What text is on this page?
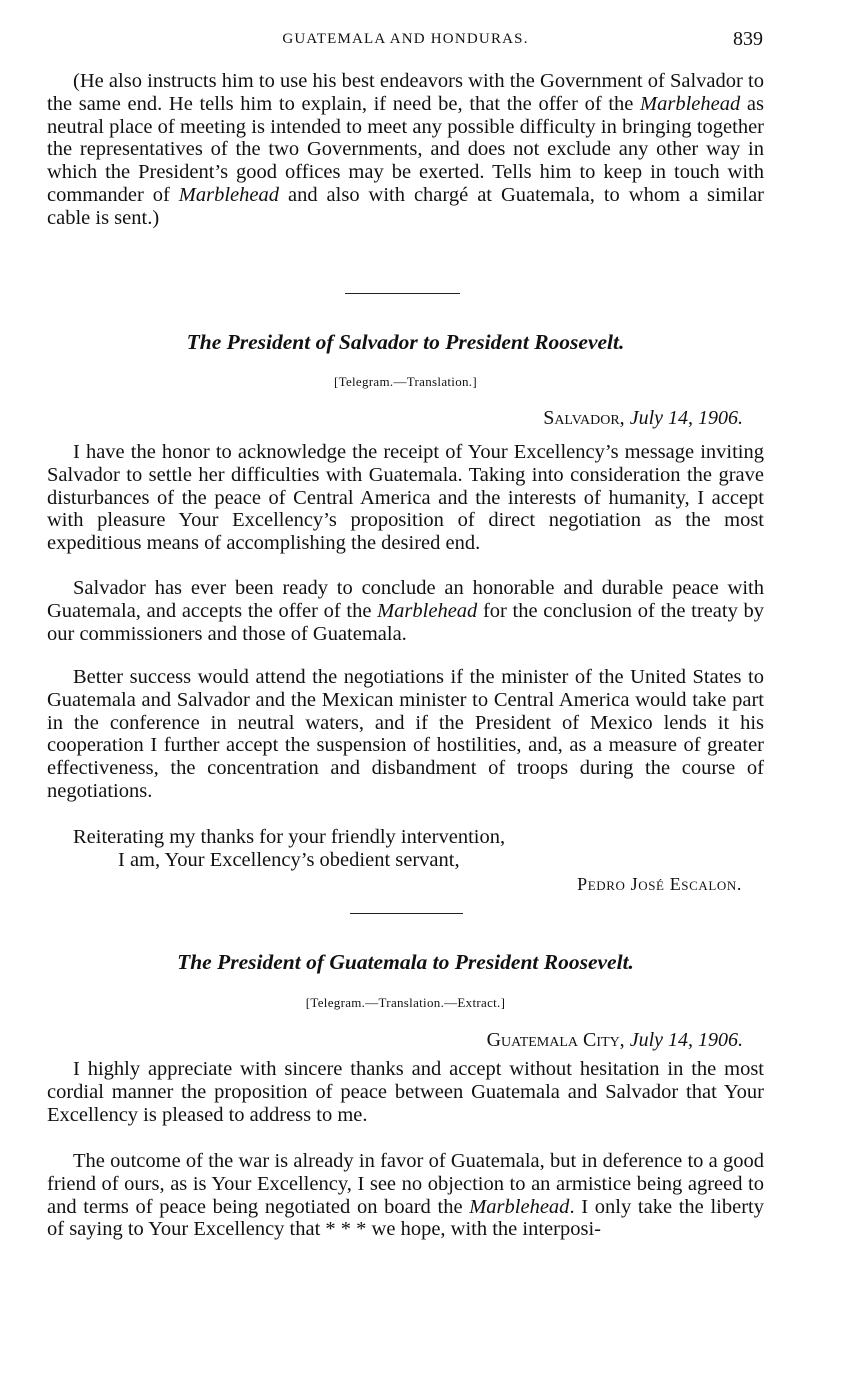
GUATEMALA AND HONDURAS.	839

(He also instructs him to use his best endeavors with the Government of Salvador to the same end. He tells him to explain, if need be, that the offer of the Marblehead as neutral place of meeting is intended to meet any possible difficulty in bringing together the representatives of the two Governments, and does not exclude any other way in which the President’s good offices may be exerted. Tells him to keep in touch with commander of Marblehead and also with chargé at Guatemala, to whom a similar cable is sent.)

The President of Salvador to President Roosevelt.
[Telegram.—Translation.]
Salvador, July 14, 1906.

I have the honor to acknowledge the receipt of Your Excellency’s message inviting Salvador to settle her difficulties with Guatemala. Taking into consideration the grave disturbances of the peace of Central America and the interests of humanity, I accept with pleasure Your Excellency’s proposition of direct negotiation as the most expeditious means of accomplishing the desired end.

Salvador has ever been ready to conclude an honorable and durable peace with Guatemala, and accepts the offer of the Marblehead for the conclusion of the treaty by our commissioners and those of Guatemala.

Better success would attend the negotiations if the minister of the United States to Guatemala and Salvador and the Mexican minister to Central America would take part in the conference in neutral waters, and if the President of Mexico lends it his cooperation I further accept the suspension of hostilities, and, as a measure of greater effectiveness, the concentration and disbandment of troops during the course of negotiations.

Reiterating my thanks for your friendly intervention,

I am, Your Excellency’s obedient servant,
Pedro José Escalon.
The President of Guatemala to President Roosevelt.
[Telegram.—Translation.—Extract.]
Guatemala City, July 14, 1906.

I highly appreciate with sincere thanks and accept without hesitation in the most cordial manner the proposition of peace between Guatemala and Salvador that Your Excellency is pleased to address to me.

The outcome of the war is already in favor of Guatemala, but in deference to a good friend of ours, as is Your Excellency, I see no objection to an armistice being agreed to and terms of peace being negotiated on board the Marblehead. I only take the liberty of saying to Your Excellency that * * * we hope, with the interposi-
